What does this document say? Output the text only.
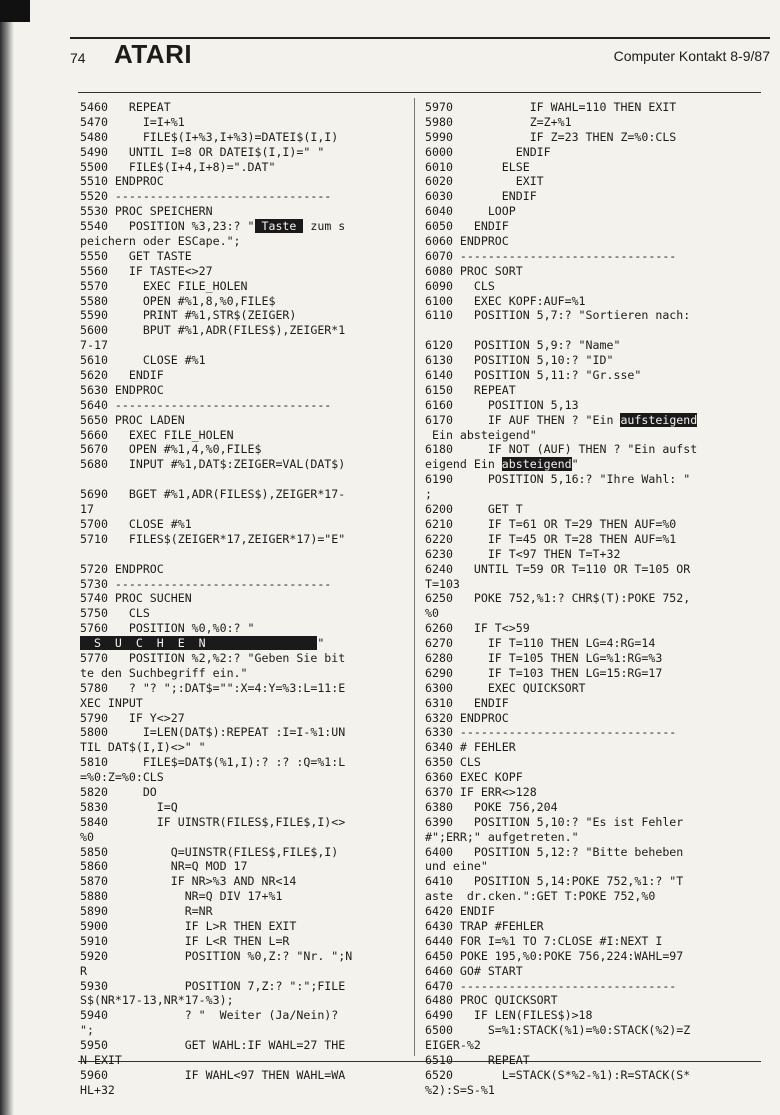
74 ATARI	Computer Kontakt 8-9/87
5460   REPEAT
5470     I=I+%1
5480     FILE$(I+%3,I+%3)=DATEI$(I,I)
5490   UNTIL I=8 OR DATEI$(I,I)=" "
5500   FILE$(I+4,I+8)=".DAT"
5510 ENDPROC
5520 -------------------------------
5530 PROC SPEICHERN
5540   POSITION %3,23:? " Taste  zum s
peichern oder ESCape.";
5550   GET TASTE
5560   IF TASTE<>27
5570     EXEC FILE_HOLEN
5580     OPEN #%1,8,%0,FILE$
5590     PRINT #%1,STR$(ZEIGER)
5600     BPUT #%1,ADR(FILES$),ZEIGER*1
7-17
5610     CLOSE #%1
5620   ENDIF
5630 ENDPROC
5640 -------------------------------
5650 PROC LADEN
5660   EXEC FILE_HOLEN
5670   OPEN #%1,4,%0,FILE$
5680   INPUT #%1,DAT$:ZEIGER=VAL(DAT$)
5690   BGET #%1,ADR(FILES$),ZEIGER*17-
17
5700   CLOSE #%1
5710   FILES$(ZEIGER*17,ZEIGER*17)="E"
5720 ENDPROC
5730 -------------------------------
5740 PROC SUCHEN
5750   CLS
5760   POSITION %0,%0:? "
S  U  C  H  E  N                "
5770   POSITION %2,%2:? "Geben Sie bit
te den Suchbegriff ein."
5780   ? "? ";:DAT$="":X=4:Y=%3:L=11:E
XEC INPUT
5790   IF Y<>27
5800     I=LEN(DAT$):REPEAT :I=I-%1:UN
TIL DAT$(I,I)<>" "
5810     FILE$=DAT$(%1,I):? :? :Q=%1:L
=%0:Z=%0:CLS
5820     DO
5830       I=Q
5840       IF UINSTR(FILES$,FILE$,I)<>
%0
5850         Q=UINSTR(FILES$,FILE$,I)
5860         NR=Q MOD 17
5870         IF NR>%3 AND NR<14
5880           NR=Q DIV 17+%1
5890           R=NR
5900           IF L>R THEN EXIT
5910           IF L<R THEN L=R
5920           POSITION %0,Z:? "Nr. ";N
R
5930           POSITION 7,Z:? ":";FILE
S$(NR*17-13,NR*17-%3);
5940           ? "  Weiter (Ja/Nein)?
";
5950           GET WAHL:IF WAHL=27 THE
N EXIT
5960           IF WAHL<97 THEN WAHL=WA
HL+32
5970           IF WAHL=110 THEN EXIT
5980           Z=Z+%1
5990           IF Z=23 THEN Z=%0:CLS
6000         ENDIF
6010       ELSE
6020         EXIT
6030       ENDIF
6040     LOOP
6050   ENDIF
6060 ENDPROC
6070 -------------------------------
6080 PROC SORT
6090   CLS
6100   EXEC KOPF:AUF=%1
6110   POSITION 5,7:? "Sortieren nach:
6120   POSITION 5,9:? "Name"
6130   POSITION 5,10:? "ID"
6140   POSITION 5,11:? "Gr.sse"
6150   REPEAT
6160     POSITION 5,13
6170     IF AUF THEN ? "Ein aufsteigend
Ein absteigend"
6180     IF NOT (AUF) THEN ? "Ein aufst
eigend Ein absteigend"
6190     POSITION 5,16:? "Ihre Wahl: "
;
6200     GET T
6210     IF T=61 OR T=29 THEN AUF=%0
6220     IF T=45 OR T=28 THEN AUF=%1
6230     IF T<97 THEN T=T+32
6240   UNTIL T=59 OR T=110 OR T=105 OR
T=103
6250   POKE 752,%1:? CHR$(T):POKE 752,
%0
6260   IF T<>59
6270     IF T=110 THEN LG=4:RG=14
6280     IF T=105 THEN LG=%1:RG=%3
6290     IF T=103 THEN LG=15:RG=17
6300     EXEC QUICKSORT
6310   ENDIF
6320 ENDPROC
6330 -------------------------------
6340 # FEHLER
6350 CLS
6360 EXEC KOPF
6370 IF ERR<>128
6380   POKE 756,204
6390   POSITION 5,10:? "Es ist Fehler
#";ERR;" aufgetreten."
6400   POSITION 5,12:? "Bitte beheben
und eine"
6410   POSITION 5,14:POKE 752,%1:? "T
aste  dr.cken.":GET T:POKE 752,%0
6420 ENDIF
6430 TRAP #FEHLER
6440 FOR I=%1 TO 7:CLOSE #I:NEXT I
6450 POKE 195,%0:POKE 756,224:WAHL=97
6460 GO# START
6470 -------------------------------
6480 PROC QUICKSORT
6490   IF LEN(FILES$)>18
6500     S=%1:STACK(%1)=%0:STACK(%2)=Z
EIGER-%2
6510     REPEAT
6520       L=STACK(S*%2-%1):R=STACK(S*
%2):S=S-%1
